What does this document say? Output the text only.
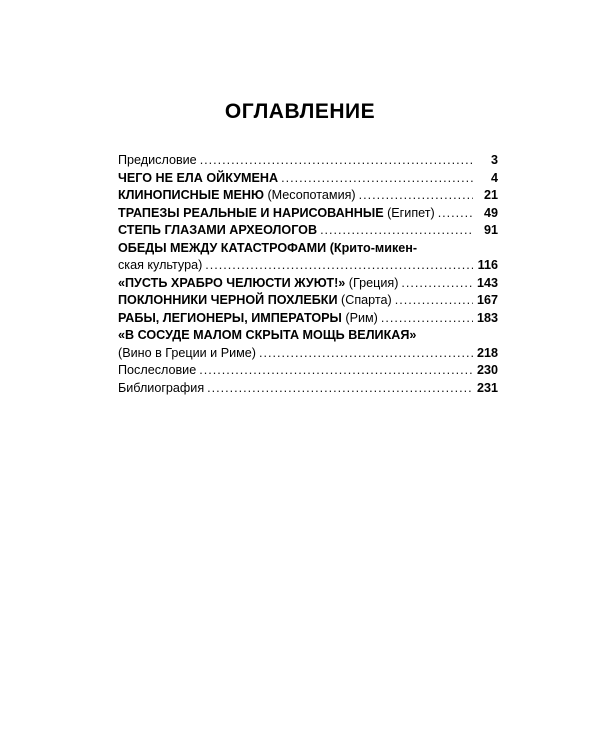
ОГЛАВЛЕНИЕ
Предисловие .....	3
ЧЕГО НЕ ЕЛА ОЙКУМЕНА .....	4
КЛИНОПИСНЫЕ МЕНЮ (Месопотамия) .....	21
ТРАПЕЗЫ РЕАЛЬНЫЕ И НАРИСОВАННЫЕ (Египет) .....	49
СТЕПЬ ГЛАЗАМИ АРХЕОЛОГОВ .....	91
ОБЕДЫ МЕЖДУ КАТАСТРОФАМИ (Крито-микен-
ская культура) .....	116
«ПУСТЬ ХРАБРО ЧЕЛЮСТИ ЖУЮТ!» (Греция) .....	143
ПОКЛОННИКИ ЧЕРНОЙ ПОХЛЕБКИ (Спарта) .....	167
РАБЫ, ЛЕГИОНЕРЫ, ИМПЕРАТОРЫ (Рим) .....	183
«В СОСУДЕ МАЛОМ СКРЫТА МОЩЬ ВЕЛИКАЯ»
(Вино в Греции и Риме) .....	218
Послесловие .....	230
Библиография .....	231
